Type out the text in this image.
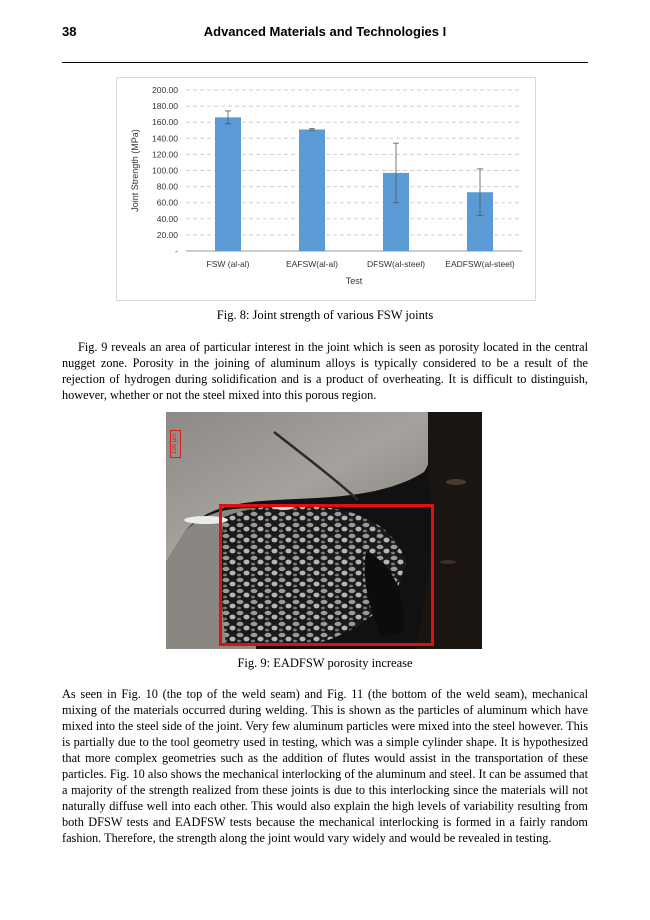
38	Advanced Materials and Technologies I
-
20.00
40.00
60.00
80.00
100.00
120.00
140.00
160.00
180.00
200.00
FSW (al-al)	EAFSW(al-al)	DFSW(al-steel) EADFSW(al-steel)
Test
Joint Strength (MPa)
Fig. 8: Joint strength of various FSW joints

Fig. 9 reveals an area of particular interest in the joint which is seen as porosity located in the central nugget zone. Porosity in the joining of aluminum alloys is typically considered to be a result of the rejection of hydrogen during solidification and is a product of overheating. It is difficult to distinguish, however, whether or not the steel mixed into this porous region.

100 µm
Fig. 9: EADFSW porosity increase

As seen in Fig. 10 (the top of the weld seam) and Fig. 11 (the bottom of the weld seam), mechanical mixing of the materials occurred during welding. This is shown as the particles of aluminum which have mixed into the steel side of the joint. Very few aluminum particles were mixed into the steel however. This is partially due to the tool geometry used in testing, which was a simple cylinder shape. It is hypothesized that more complex geometries such as the addition of flutes would assist in the transportation of these particles. Fig. 10 also shows the mechanical interlocking of the aluminum and steel. It can be assumed that a majority of the strength realized from these joints is due to this interlocking since the materials will not naturally diffuse well into each other. This would also explain the high levels of variability resulting from both DFSW tests and EADFSW tests because the mechanical interlocking is formed in a fairly random fashion. Therefore, the strength along the joint would vary widely and would be revealed in testing.
